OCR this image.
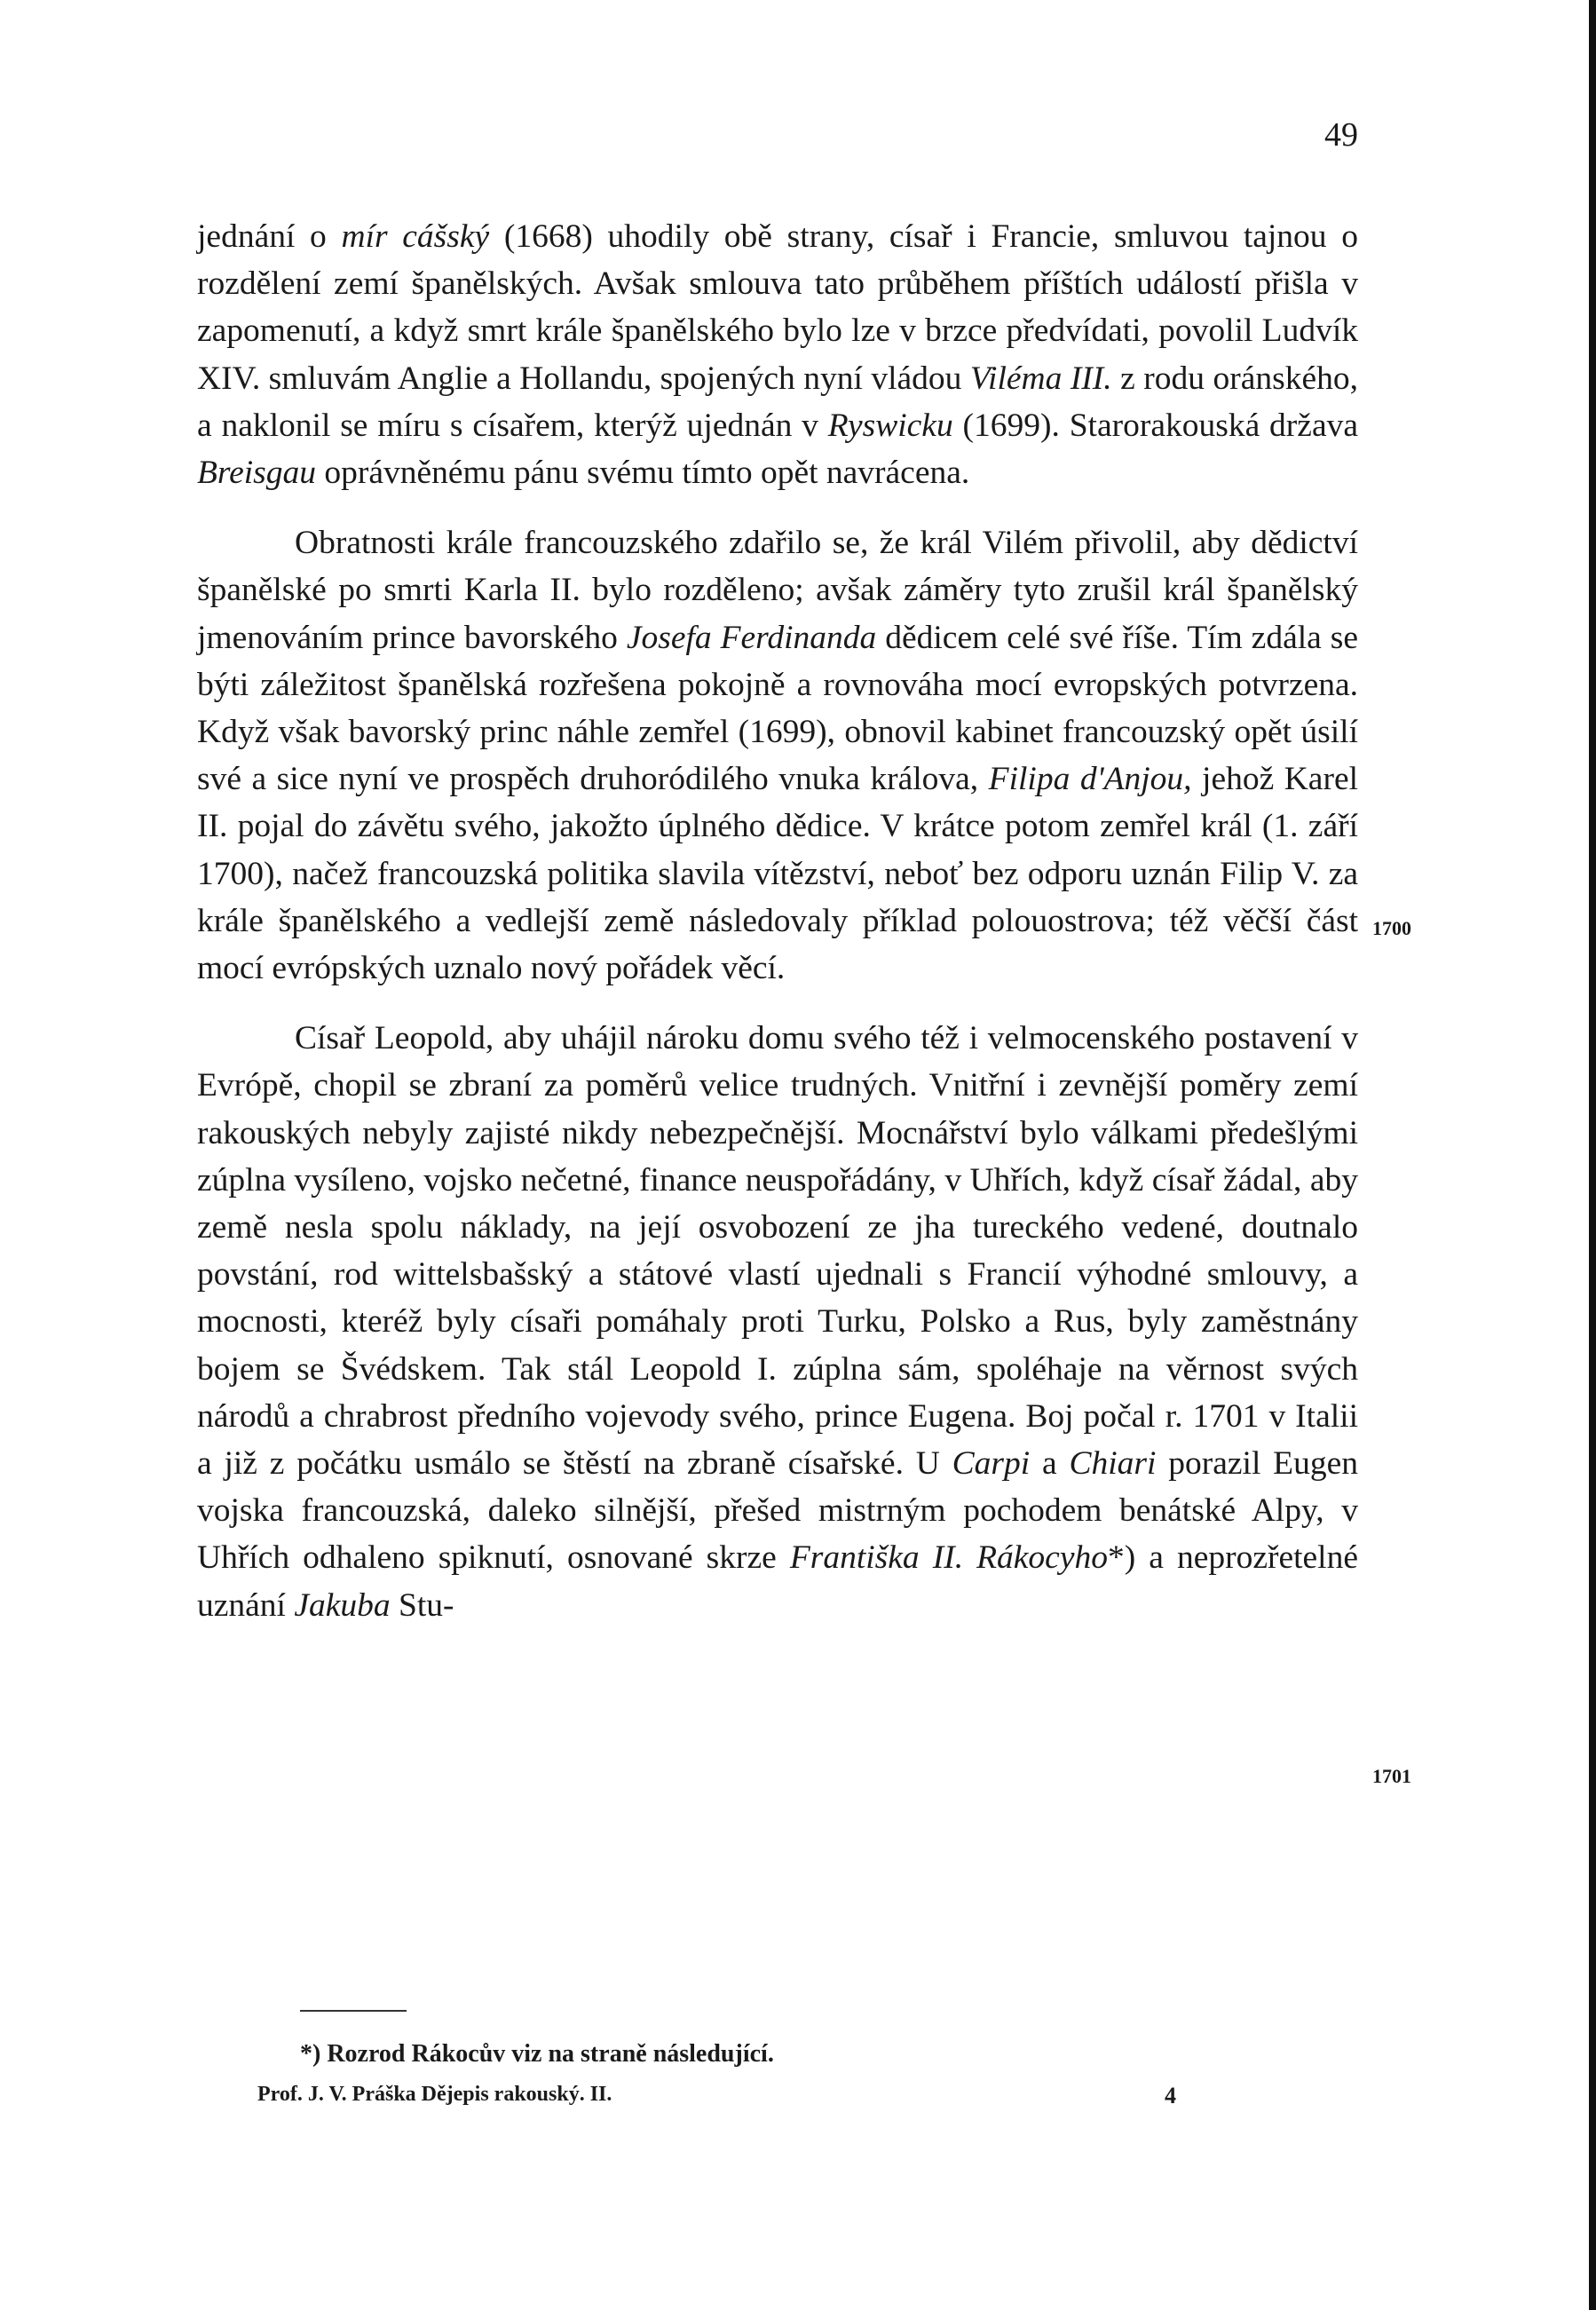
49

jednání o mír cášský (1668) uhodily obě strany, císař i Francie, smluvou tajnou o rozdělení zemí španělských. Avšak smlouva tato průběhem příštích událostí přišla v zapomenutí, a když smrt krále španělského bylo lze v brzce předvídati, povolil Ludvík XIV. smluvám Anglie a Hollandu, spojených nyní vládou Viléma III. z rodu oránského, a naklonil se míru s císařem, kterýž ujednán v Ryswicku (1699). Starorakouská država Breisgau oprávněnému pánu svému tímto opět navrácena.

Obratnosti krále francouzského zdařilo se, že král Vilém přivolil, aby dědictví španělské po smrti Karla II. bylo rozděleno; avšak záměry tyto zrušil král španělský jmenováním prince bavorského Josefa Ferdinanda dědicem celé své říše. Tím zdála se býti záležitost španělská rozřešena pokojně a rovnováha mocí evropských potvrzena. Když však bavorský princ náhle zemřel (1699), obnovil kabinet francouzský opět úsilí své a sice nyní ve prospěch druhoródilého vnuka králova, Filipa d'Anjou, jehož Karel II. pojal do závětu svého, jakožto úplného dědice. V krátce potom zemřel král (1. září 1700), načež francouzská politika slavila vítězství, neboť bez odporu uznán Filip V. za krále španělského a vedlejší země následovaly příklad polouostrova; též věčší část mocí evrópských uznalo nový pořádek věcí.

Císař Leopold, aby uhájil nároku domu svého též i velmocenského postavení v Evrópě, chopil se zbraní za poměrů velice trudných. Vnitřní i zevnější poměry zemí rakouských nebyly zajisté nikdy nebezpečnější. Mocnářství bylo válkami předešlými zúplna vysíleno, vojsko nečetné, finance neuspořádány, v Uhřích, když císař žádal, aby země nesla spolu náklady, na její osvobození ze jha tureckého vedené, doutnalo povstání, rod wittelsbašský a státové vlastí ujednali s Francií výhodné smlouvy, a mocnosti, kteréž byly císaři pomáhaly proti Turku, Polsko a Rus, byly zaměstnány bojem se Švédskem. Tak stál Leopold I. zúplna sám, spoléhaje na věrnost svých národů a chrabrost předního vojevody svého, prince Eugena. Boj počal r. 1701 v Italii a již z počátku usmálo se štěstí na zbraně císařské. U Carpi a Chiari porazil Eugen vojska francouzská, daleko silnější, přešed mistrným pochodem benátské Alpy, v Uhřích odhaleno spiknutí, osnované skrze Františka II. Rákocyho*) a neprozřetelné uznání Jakuba Stu-

1700
1701
*) Rozrod Rákocův viz na straně následující.
Prof. J. V. Práška Dějepis rakouský. II.	4
